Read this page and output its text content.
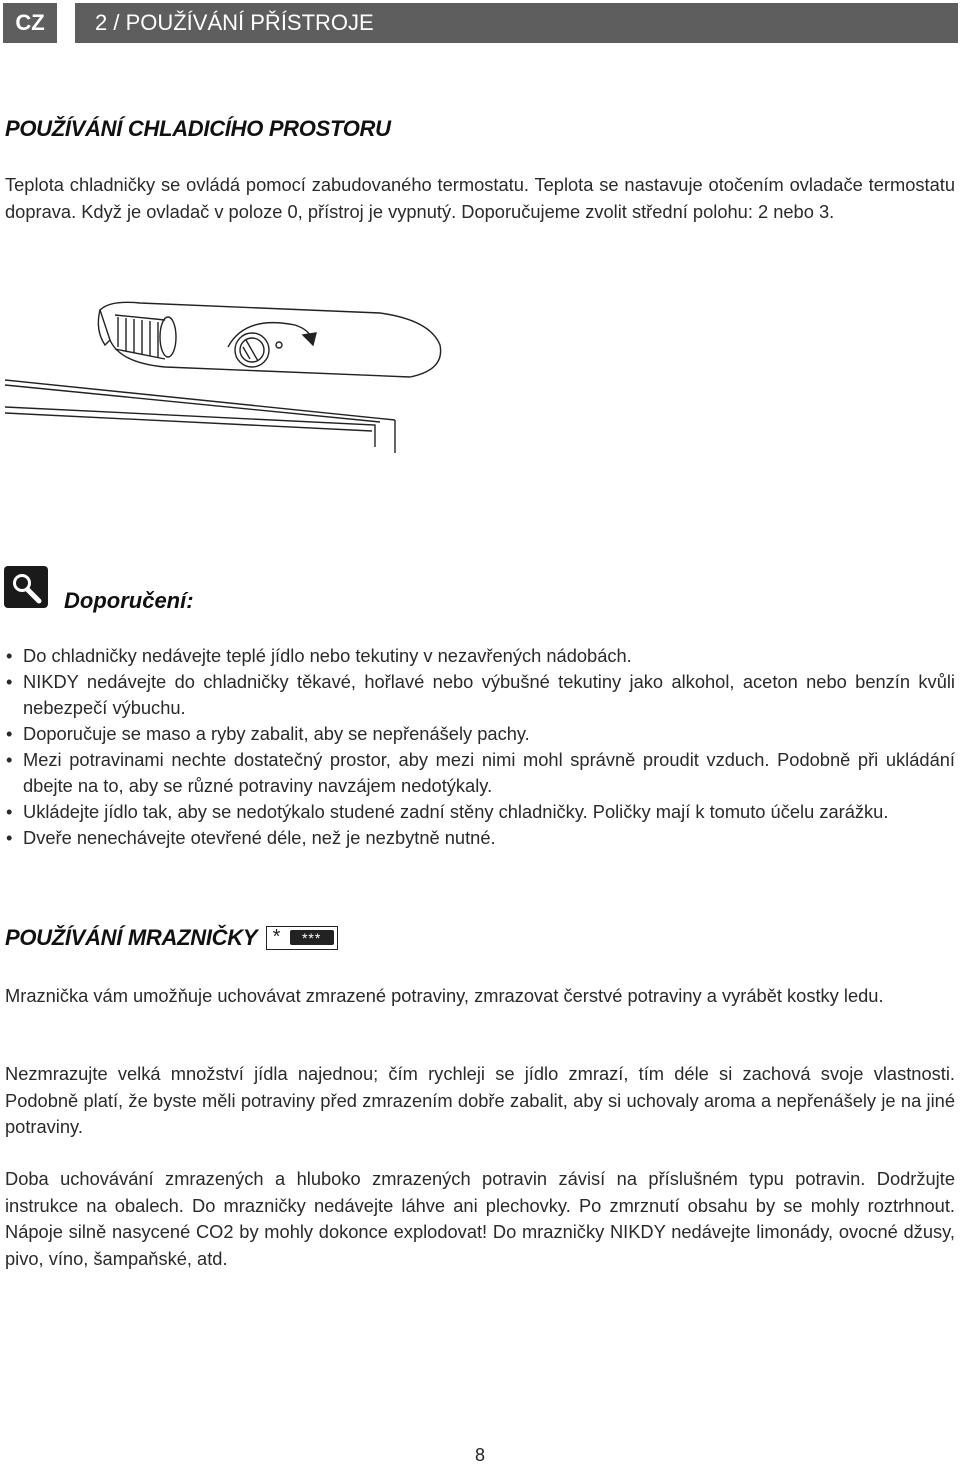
CZ	2 / POUŽÍVÁNÍ PŘÍSTROJE
POUŽÍVÁNÍ CHLADICÍHO PROSTORU

Teplota chladničky se ovládá pomocí zabudovaného termostatu. Teplota se nastavuje otočením ovladače termostatu doprava. Když je ovladač v poloze 0, přístroj je vypnutý. Doporučujeme zvolit střední polohu: 2 nebo 3.

Doporučení:
• Do chladničky nedávejte teplé jídlo nebo tekutiny v nezavřených nádobách.
• NIKDY nedávejte do chladničky těkavé, hořlavé nebo výbušné tekutiny jako alkohol, aceton nebo benzín kvůli nebezpečí výbuchu.
• Doporučuje se maso a ryby zabalit, aby se nepřenášely pachy.
• Mezi potravinami nechte dostatečný prostor, aby mezi nimi mohl správně proudit vzduch. Podobně při ukládání dbejte na to, aby se různé potraviny navzájem nedotýkaly.
• Ukládejte jídlo tak, aby se nedotýkalo studené zadní stěny chladničky. Poličky mají k tomuto účelu zarážku.
• Dveře nenechávejte otevřené déle, než je nezbytně nutné.
POUŽÍVÁNÍ MRAZNIČKY *	***

Mraznička vám umožňuje uchovávat zmrazené potraviny, zmrazovat čerstvé potraviny a vyrábět kostky ledu.

Nezmrazujte velká množství jídla najednou; čím rychleji se jídlo zmrazí, tím déle si zachová svoje vlastnosti. Podobně platí, že byste měli potraviny před zmrazením dobře zabalit, aby si uchovaly aroma a nepřenášely je na jiné potraviny.

Doba uchovávání zmrazených a hluboko zmrazených potravin závisí na příslušném typu potravin. Dodržujte instrukce na obalech. Do mrazničky nedávejte láhve ani plechovky. Po zmrznutí obsahu by se mohly roztrhnout. Nápoje silně nasycené CO2 by mohly dokonce explodovat! Do mrazničky NIKDY nedávejte limonády, ovocné džusy, pivo, víno, šampaňské, atd.

8
